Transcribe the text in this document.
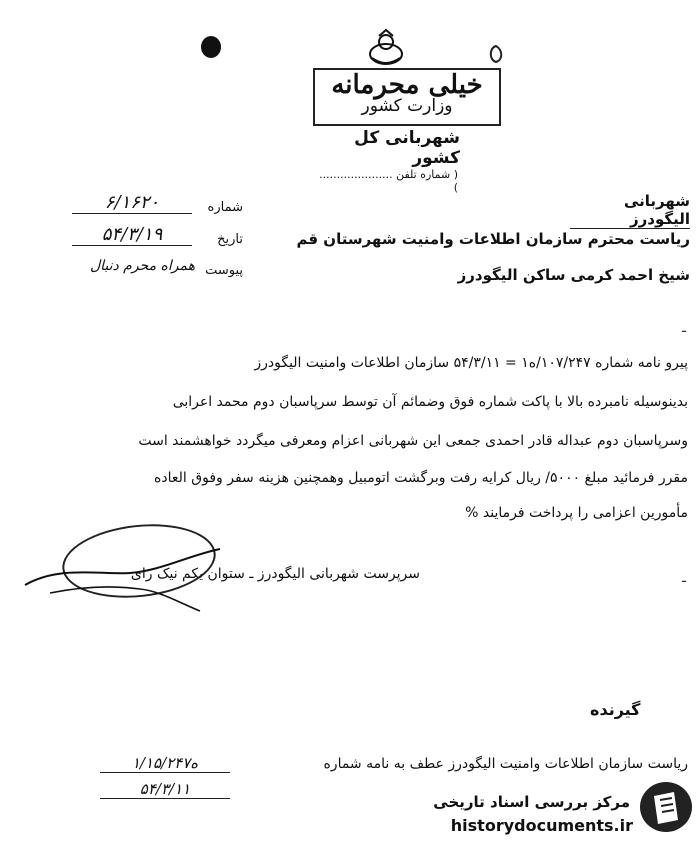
خیلی محرمانه
وزارت کشور
شهربانی کل کشور
( شماره تلفن ..................... )
شماره
۶/۱۶۲۰
تاریخ
۵۴/۳/۱۹
پیوست
همراه محرم دنبال
شهربانی الیگودرز
ریاست محترم سازمان اطلاعات وامنیت شهرستان قم
شیخ احمد کرمی ساکن الیگودرز
پیرو نامه شماره ۱۰۷/۲۴۷/ه۱ = ۵۴/۳/۱۱ سازمان اطلاعات وامنیت الیگودرز
بدینوسیله نامبرده بالا با پاکت شماره فوق وضمائم آن توسط سرپاسبان دوم محمد اعرابی
وسرپاسبان دوم عبداله قادر احمدی جمعی این شهربانی اعزام ومعرفی میگردد خواهشمند است
مقرر فرمائید مبلغ ۵۰۰۰/ ریال کرایه رفت وبرگشت اتومبیل وهمچنین هزینه سفر وفوق العاده
مأمورین اعزامی را پرداخت فرمایند %
سرپرست شهربانی الیگودرز ـ ستوان یکم نیک رای
گیرنده
ریاست سازمان اطلاعات وامنیت الیگودرز عطف به نامه شماره
ه۱/۱۵/۲۴۷
۵۴/۳/۱۱
ـ
ـ
مرکز بررسی اسناد تاریخی
historydocuments.ir
